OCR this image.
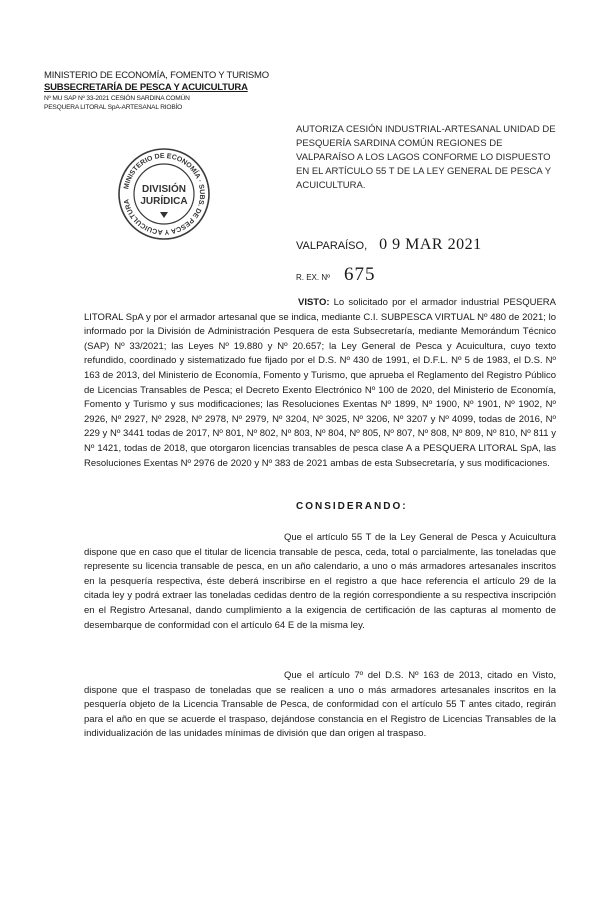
MINISTERIO DE ECONOMÍA, FOMENTO Y TURISMO
SUBSECRETARÍA DE PESCA Y ACUICULTURA
Nº MU SAP Nº 33-2021 CESIÓN SARDINA COMÚN
PESQUERA LITORAL SpA-ARTESANAL RIOBÍO
MINISTERIO DE ECONOMÍA · SUBS. DE PESCA Y ACUICULTURA
DIVISIÓN
JURÍDICA
AUTORIZA CESIÓN INDUSTRIAL-ARTESANAL UNIDAD DE PESQUERÍA SARDINA COMÚN REGIONES DE VALPARAÍSO A LOS LAGOS CONFORME LO DISPUESTO EN EL ARTÍCULO 55 T DE LA LEY GENERAL DE PESCA Y ACUICULTURA.
VALPARAÍSO, 0 9 MAR 2021
R. EX. Nº 675
VISTO: Lo solicitado por el armador industrial PESQUERA LITORAL SpA y por el armador artesanal que se indica, mediante C.I. SUBPESCA VIRTUAL Nº 480 de 2021; lo informado por la División de Administración Pesquera de esta Subsecretaría, mediante Memorándum Técnico (SAP) Nº 33/2021; las Leyes Nº 19.880 y Nº 20.657; la Ley General de Pesca y Acuicultura, cuyo texto refundido, coordinado y sistematizado fue fijado por el D.S. Nº 430 de 1991, el D.F.L. Nº 5 de 1983, el D.S. Nº 163 de 2013, del Ministerio de Economía, Fomento y Turismo, que aprueba el Reglamento del Registro Público de Licencias Transables de Pesca; el Decreto Exento Electrónico Nº 100 de 2020, del Ministerio de Economía, Fomento y Turismo y sus modificaciones; las Resoluciones Exentas Nº 1899, Nº 1900, Nº 1901, Nº 1902, Nº 2926, Nº 2927, Nº 2928, Nº 2978, Nº 2979, Nº 3204, Nº 3025, Nº 3206, Nº 3207 y Nº 4099, todas de 2016, Nº 229 y Nº 3441 todas de 2017, Nº 801, Nº 802, Nº 803, Nº 804, Nº 805, Nº 807, Nº 808, Nº 809, Nº 810, Nº 811 y Nº 1421, todas de 2018, que otorgaron licencias transables de pesca clase A a PESQUERA LITORAL SpA, las Resoluciones Exentas Nº 2976 de 2020 y Nº 383 de 2021 ambas de esta Subsecretaría, y sus modificaciones.
CONSIDERANDO:
Que el artículo 55 T de la Ley General de Pesca y Acuicultura dispone que en caso que el titular de licencia transable de pesca, ceda, total o parcialmente, las toneladas que represente su licencia transable de pesca, en un año calendario, a uno o más armadores artesanales inscritos en la pesquería respectiva, éste deberá inscribirse en el registro a que hace referencia el artículo 29 de la citada ley y podrá extraer las toneladas cedidas dentro de la región correspondiente a su respectiva inscripción en el Registro Artesanal, dando cumplimiento a la exigencia de certificación de las capturas al momento de desembarque de conformidad con el artículo 64 E de la misma ley.
Que el artículo 7º del D.S. Nº 163 de 2013, citado en Visto, dispone que el traspaso de toneladas que se realicen a uno o más armadores artesanales inscritos en la pesquería objeto de la Licencia Transable de Pesca, de conformidad con el artículo 55 T antes citado, regirán para el año en que se acuerde el traspaso, dejándose constancia en el Registro de Licencias Transables de la individualización de las unidades mínimas de división que dan origen al traspaso.
